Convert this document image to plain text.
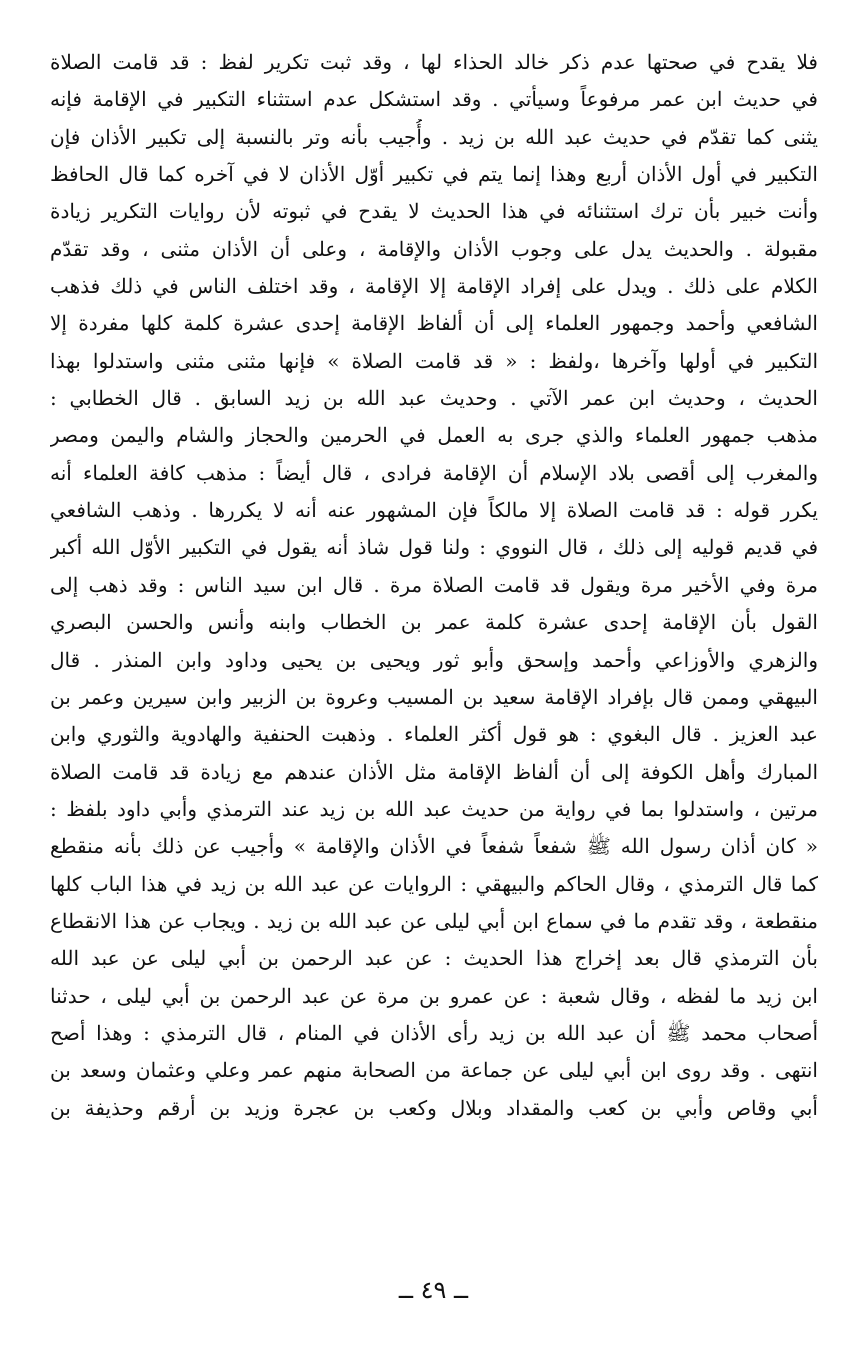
فلا يقدح في صحتها عدم ذكر خالد الحذاء لها ، وقد ثبت تكرير لفظ : قد قامت الصلاة
في حديث ابن عمر مرفوعاً وسيأتي . وقد استشكل عدم استثناء التكبير في الإقامة فإنه
يثنى كما تقدّم في حديث عبد الله بن زيد . وأُجيب بأنه وتر بالنسبة إلى تكبير الأذان فإن
التكبير في أول الأذان أربع وهذا إنما يتم في تكبير أوّل الأذان لا في آخره كما قال الحافظ
وأنت خبير بأن ترك استثنائه في هذا الحديث لا يقدح في ثبوته لأن روايات التكرير زيادة
مقبولة . والحديث يدل على وجوب الأذان والإقامة ، وعلى أن الأذان مثنى ، وقد تقدّم
الكلام على ذلك . ويدل على إفراد الإقامة إلا الإقامة ، وقد اختلف الناس في ذلك فذهب
الشافعي وأحمد وجمهور العلماء إلى أن ألفاظ الإقامة إحدى عشرة كلمة كلها مفردة إلا
التكبير في أولها وآخرها ،ولفظ : « قد قامت الصلاة » فإنها مثنى مثنى واستدلوا بهذا
الحديث ، وحديث ابن عمر الآتي . وحديث عبد الله بن زيد السابق . قال الخطابي :
مذهب جمهور العلماء والذي جرى به العمل في الحرمين والحجاز والشام واليمن ومصر
والمغرب إلى أقصى بلاد الإسلام أن الإقامة فرادى ، قال أيضاً : مذهب كافة العلماء أنه
يكرر قوله : قد قامت الصلاة إلا مالكاً فإن المشهور عنه أنه لا يكررها . وذهب الشافعي
في قديم قوليه إلى ذلك ، قال النووي : ولنا قول شاذ أنه يقول في التكبير الأوّل الله أكبر
مرة وفي الأخير مرة ويقول قد قامت الصلاة مرة . قال ابن سيد الناس : وقد ذهب إلى
القول بأن الإقامة إحدى عشرة كلمة عمر بن الخطاب وابنه وأنس والحسن البصري
والزهري والأوزاعي وأحمد وإسحق وأبو ثور ويحيى بن يحيى وداود وابن المنذر . قال
البيهقي وممن قال بإفراد الإقامة سعيد بن المسيب وعروة بن الزبير وابن سيرين وعمر بن
عبد العزيز . قال البغوي : هو قول أكثر العلماء . وذهبت الحنفية والهادوية والثوري وابن
المبارك وأهل الكوفة إلى أن ألفاظ الإقامة مثل الأذان عندهم مع زيادة قد قامت الصلاة
مرتين ، واستدلوا بما في رواية من حديث عبد الله بن زيد عند الترمذي وأبي داود بلفظ :
« كان أذان رسول الله ﷺ شفعاً شفعاً في الأذان والإقامة » وأجيب عن ذلك بأنه منقطع
كما قال الترمذي ، وقال الحاكم والبيهقي : الروايات عن عبد الله بن زيد في هذا الباب كلها
منقطعة ، وقد تقدم ما في سماع ابن أبي ليلى عن عبد الله بن زيد . ويجاب عن هذا الانقطاع
بأن الترمذي قال بعد إخراج هذا الحديث : عن عبد الرحمن بن أبي ليلى عن عبد الله
ابن زيد ما لفظه ، وقال شعبة : عن عمرو بن مرة عن عبد الرحمن بن أبي ليلى ، حدثنا
أصحاب محمد ﷺ أن عبد الله بن زيد رأى الأذان في المنام ، قال الترمذي : وهذا أصح
انتهى . وقد روى ابن أبي ليلى عن جماعة من الصحابة منهم عمر وعلي وعثمان وسعد بن
أبي وقاص وأبي بن كعب والمقداد وبلال وكعب بن عجرة وزيد بن أرقم وحذيفة بن
ــ ٤٩ ــ
